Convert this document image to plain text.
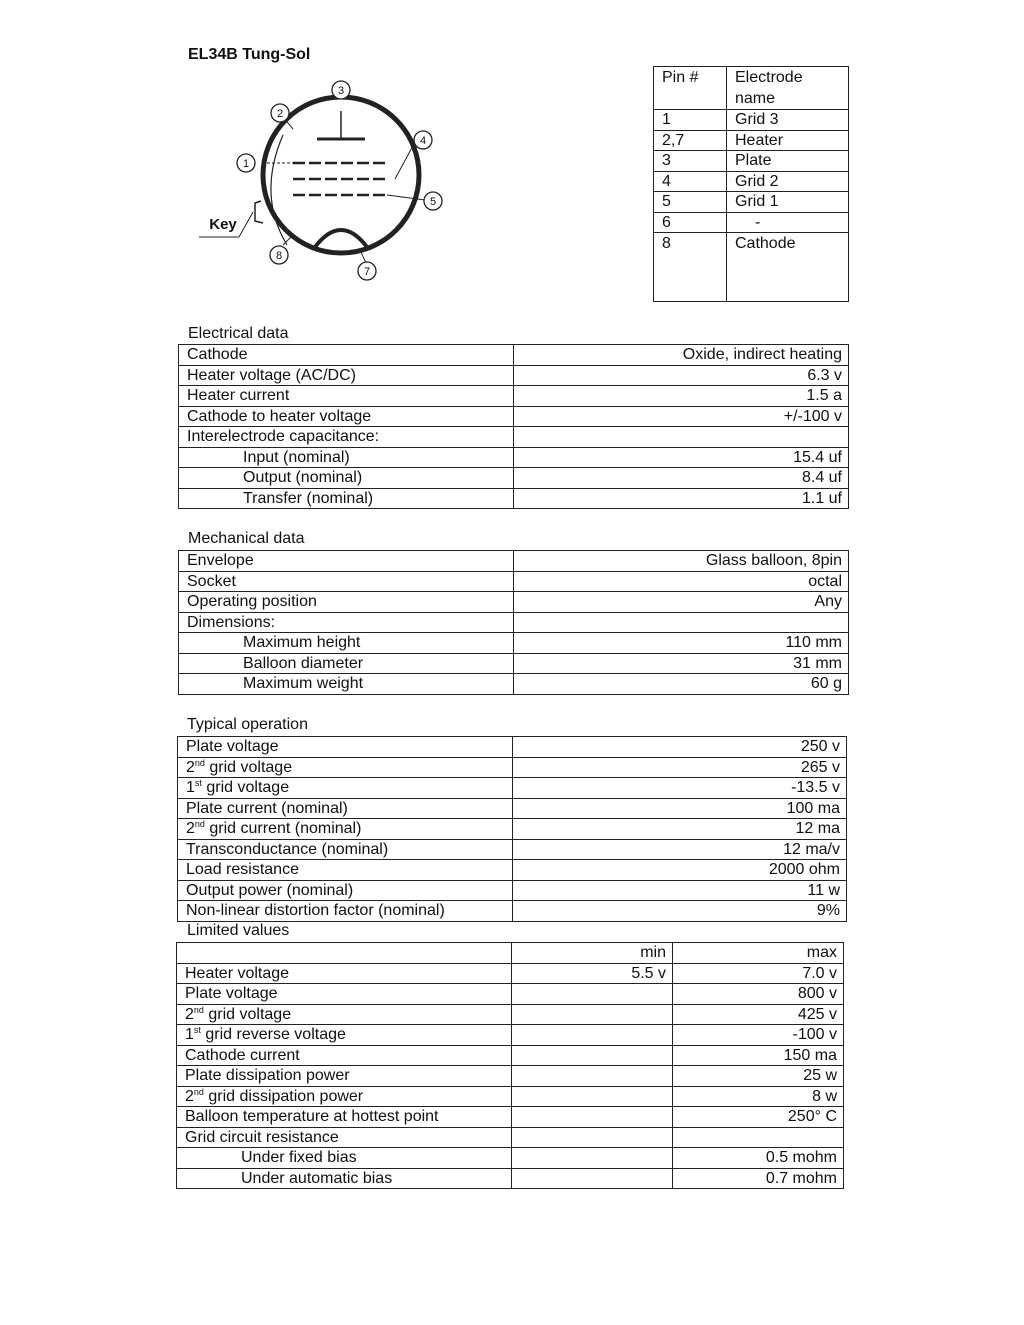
EL34B Tung-Sol
3
2
1
4
5
7
8
Key
Pin #	Electrode name
1	Grid 3
2,7	Heater
3	Plate
4	Grid 2
5	Grid 1
6	-
8	Cathode
Electrical data
Cathode	Oxide, indirect heating
Heater voltage (AC/DC)	6.3 v
Heater current	1.5 a
Cathode to heater voltage	+/-100 v
Interelectrode capacitance:	
Input (nominal)	15.4 uf
Output (nominal)	8.4 uf
Transfer (nominal)	1.1 uf
Mechanical data
Envelope	Glass balloon, 8pin
Socket	octal
Operating position	Any
Dimensions:	
Maximum height	110 mm
Balloon diameter	31 mm
Maximum weight	60 g
Typical operation
Plate voltage	250 v
2nd grid voltage	265 v
1st grid voltage	-13.5 v
Plate current (nominal)	100 ma
2nd grid current (nominal)	12 ma
Transconductance (nominal)	12 ma/v
Load resistance	2000 ohm
Output power (nominal)	11 w
Non-linear distortion factor (nominal)	9%
Limited values
	min	max
Heater voltage	5.5 v	7.0 v
Plate voltage		800 v
2nd grid voltage		425 v
1st grid reverse voltage		-100 v
Cathode current		150 ma
Plate dissipation power		25 w
2nd grid dissipation power		8 w
Balloon temperature at hottest point		250° C
Grid circuit resistance		
Under fixed bias		0.5 mohm
Under automatic bias		0.7 mohm
